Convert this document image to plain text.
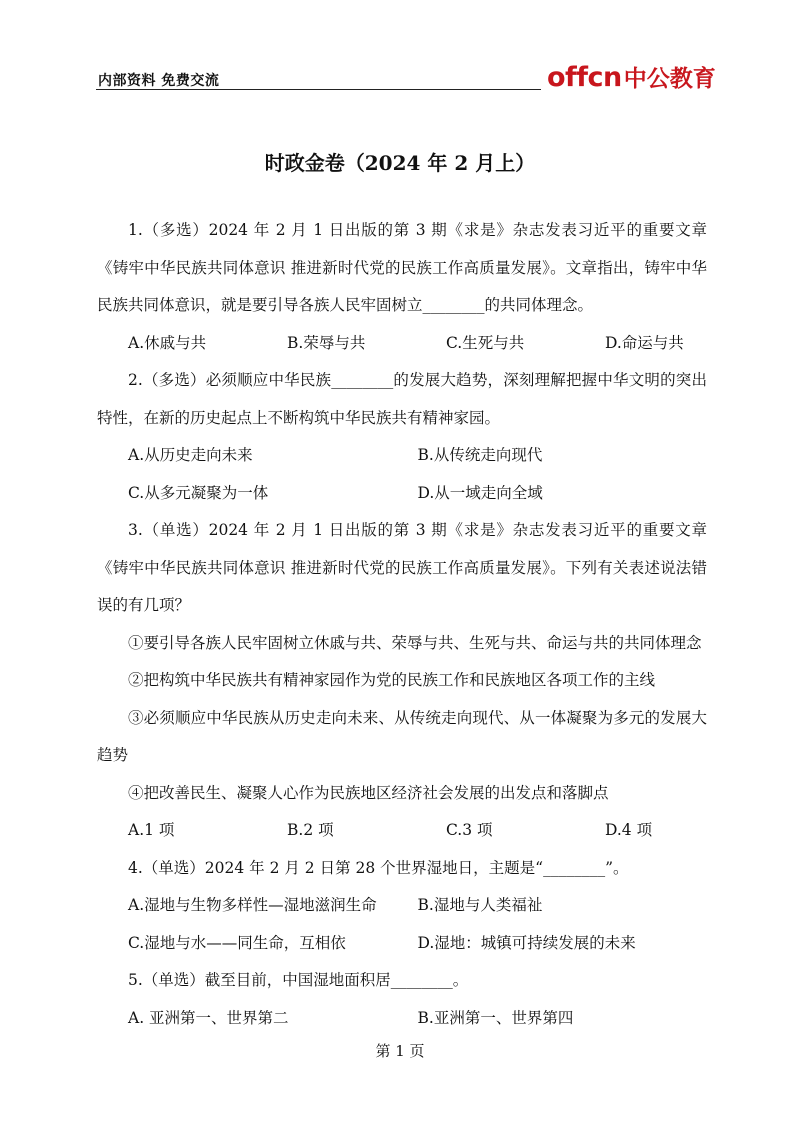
内部资料 免费交流	offcn 中公教育
时政金卷（2024 年 2 月上）

1.（多选）2024 年 2 月 1 日出版的第 3 期《求是》杂志发表习近平的重要文章《铸牢中华民族共同体意识 推进新时代党的民族工作高质量发展》。文章指出，铸牢中华民族共同体意识，就是要引导各族人民牢固树立________的共同体理念。

A.休戚与共	B.荣辱与共	C.生死与共	D.命运与共

2.（多选）必须顺应中华民族________的发展大趋势，深刻理解把握中华文明的突出特性，在新的历史起点上不断构筑中华民族共有精神家园。

A.从历史走向未来	B.从传统走向现代
C.从多元凝聚为一体	D.从一域走向全域

3.（单选）2024 年 2 月 1 日出版的第 3 期《求是》杂志发表习近平的重要文章《铸牢中华民族共同体意识 推进新时代党的民族工作高质量发展》。下列有关表述说法错误的有几项？

①要引导各族人民牢固树立休戚与共、荣辱与共、生死与共、命运与共的共同体理念

②把构筑中华民族共有精神家园作为党的民族工作和民族地区各项工作的主线

③必须顺应中华民族从历史走向未来、从传统走向现代、从一体凝聚为多元的发展大趋势

④把改善民生、凝聚人心作为民族地区经济社会发展的出发点和落脚点

A.1 项	B.2 项	C.3 项	D.4 项

4.（单选）2024 年 2 月 2 日第 28 个世界湿地日，主题是“________”。

A.湿地与生物多样性—湿地滋润生命	B.湿地与人类福祉
C.湿地与水——同生命，互相依	D.湿地：城镇可持续发展的未来

5.（单选）截至目前，中国湿地面积居________。

A. 亚洲第一、世界第二	B.亚洲第一、世界第四
第 1 页
